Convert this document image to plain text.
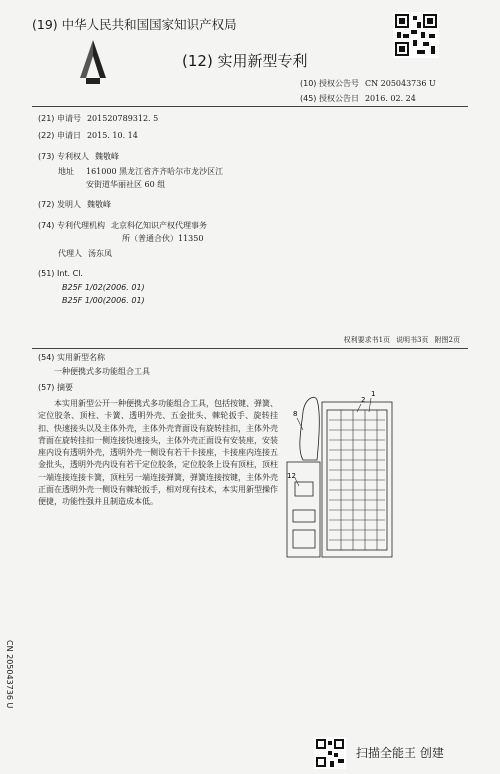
(19) 中华人民共和国国家知识产权局
(12) 实用新型专利
(10) 授权公告号 CN 205043736 U
(45) 授权公告日 2016. 02. 24
(21) 申请号 201520789312. 5
(22) 申请日 2015. 10. 14
(73) 专利权人 魏敬峰
地址 161000 黑龙江省齐齐哈尔市龙沙区江
安街道华丽社区 60 组
(72) 发明人 魏敬峰
(74) 专利代理机构 北京科亿知识产权代理事务
所（普通合伙）11350
代理人 汤东凤
(51) Int. Cl.
B25F 1/02(2006. 01)
B25F 1/00(2006. 01)
权利要求书1页 说明书3页 附图2页
(54) 实用新型名称
一种便携式多功能组合工具
(57) 摘要
本实用新型公开一种便携式多功能组合工具，包括按键、弹簧、定位胶条、顶柱、卡簧、透明外壳、五金批头、棘轮扳手、旋转挂扣、快速接头以及主体外壳，主体外壳背面设有旋转挂扣，主体外壳背面在旋转挂扣一侧连接快速接头，主体外壳正面设有安装座，安装座内设有透明外壳，透明外壳一侧设有若干卡接座，卡接座内连接五金批头，透明外壳内设有若干定位胶条，定位胶条上设有顶柱，顶柱一端连接连接卡簧，顶柱另一端连接弹簧，弹簧连接按键，主体外壳正面在透明外壳一侧设有棘轮扳手，相对现有技术，本实用新型操作便捷，功能性强并且制造成本低。
8
2
1
12
CN 205043736 U
扫描全能王 创建
